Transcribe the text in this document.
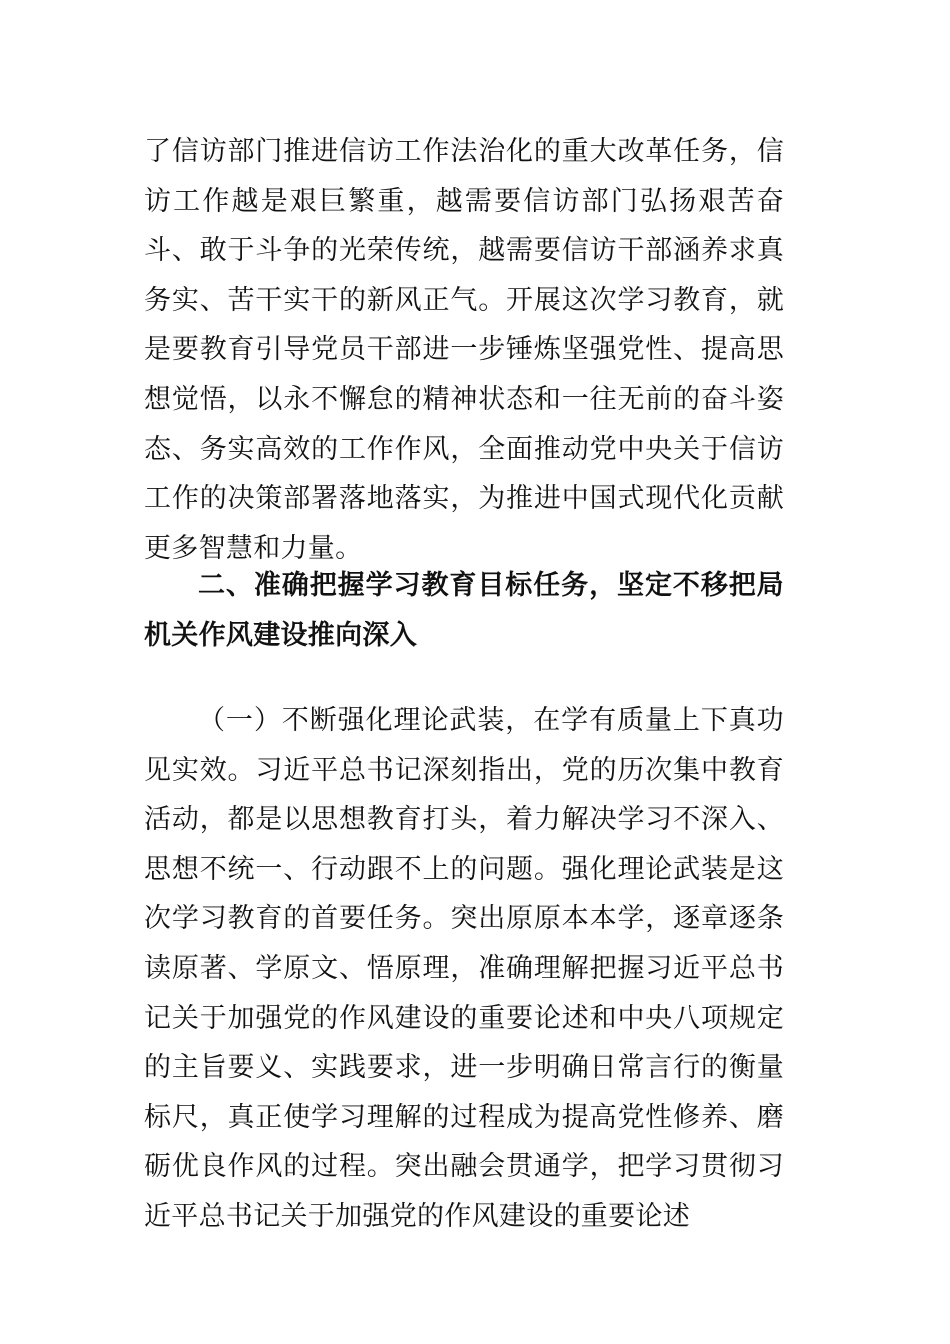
了信访部门推进信访工作法治化的重大改革任务，信访工作越是艰巨繁重，越需要信访部门弘扬艰苦奋斗、敢于斗争的光荣传统，越需要信访干部涵养求真务实、苦干实干的新风正气。开展这次学习教育，就是要教育引导党员干部进一步锤炼坚强党性、提高思想觉悟，以永不懈怠的精神状态和一往无前的奋斗姿态、务实高效的工作作风，全面推动党中央关于信访工作的决策部署落地落实，为推进中国式现代化贡献更多智慧和力量。

二、准确把握学习教育目标任务，坚定不移把局机关作风建设推向深入

（一）不断强化理论武装，在学有质量上下真功见实效。习近平总书记深刻指出，党的历次集中教育活动，都是以思想教育打头，着力解决学习不深入、思想不统一、行动跟不上的问题。强化理论武装是这次学习教育的首要任务。突出原原本本学，逐章逐条读原著、学原文、悟原理，准确理解把握习近平总书记关于加强党的作风建设的重要论述和中央八项规定的主旨要义、实践要求，进一步明确日常言行的衡量标尺，真正使学习理解的过程成为提高党性修养、磨砺优良作风的过程。突出融会贯通学，把学习贯彻习近平总书记关于加强党的作风建设的重要论述
